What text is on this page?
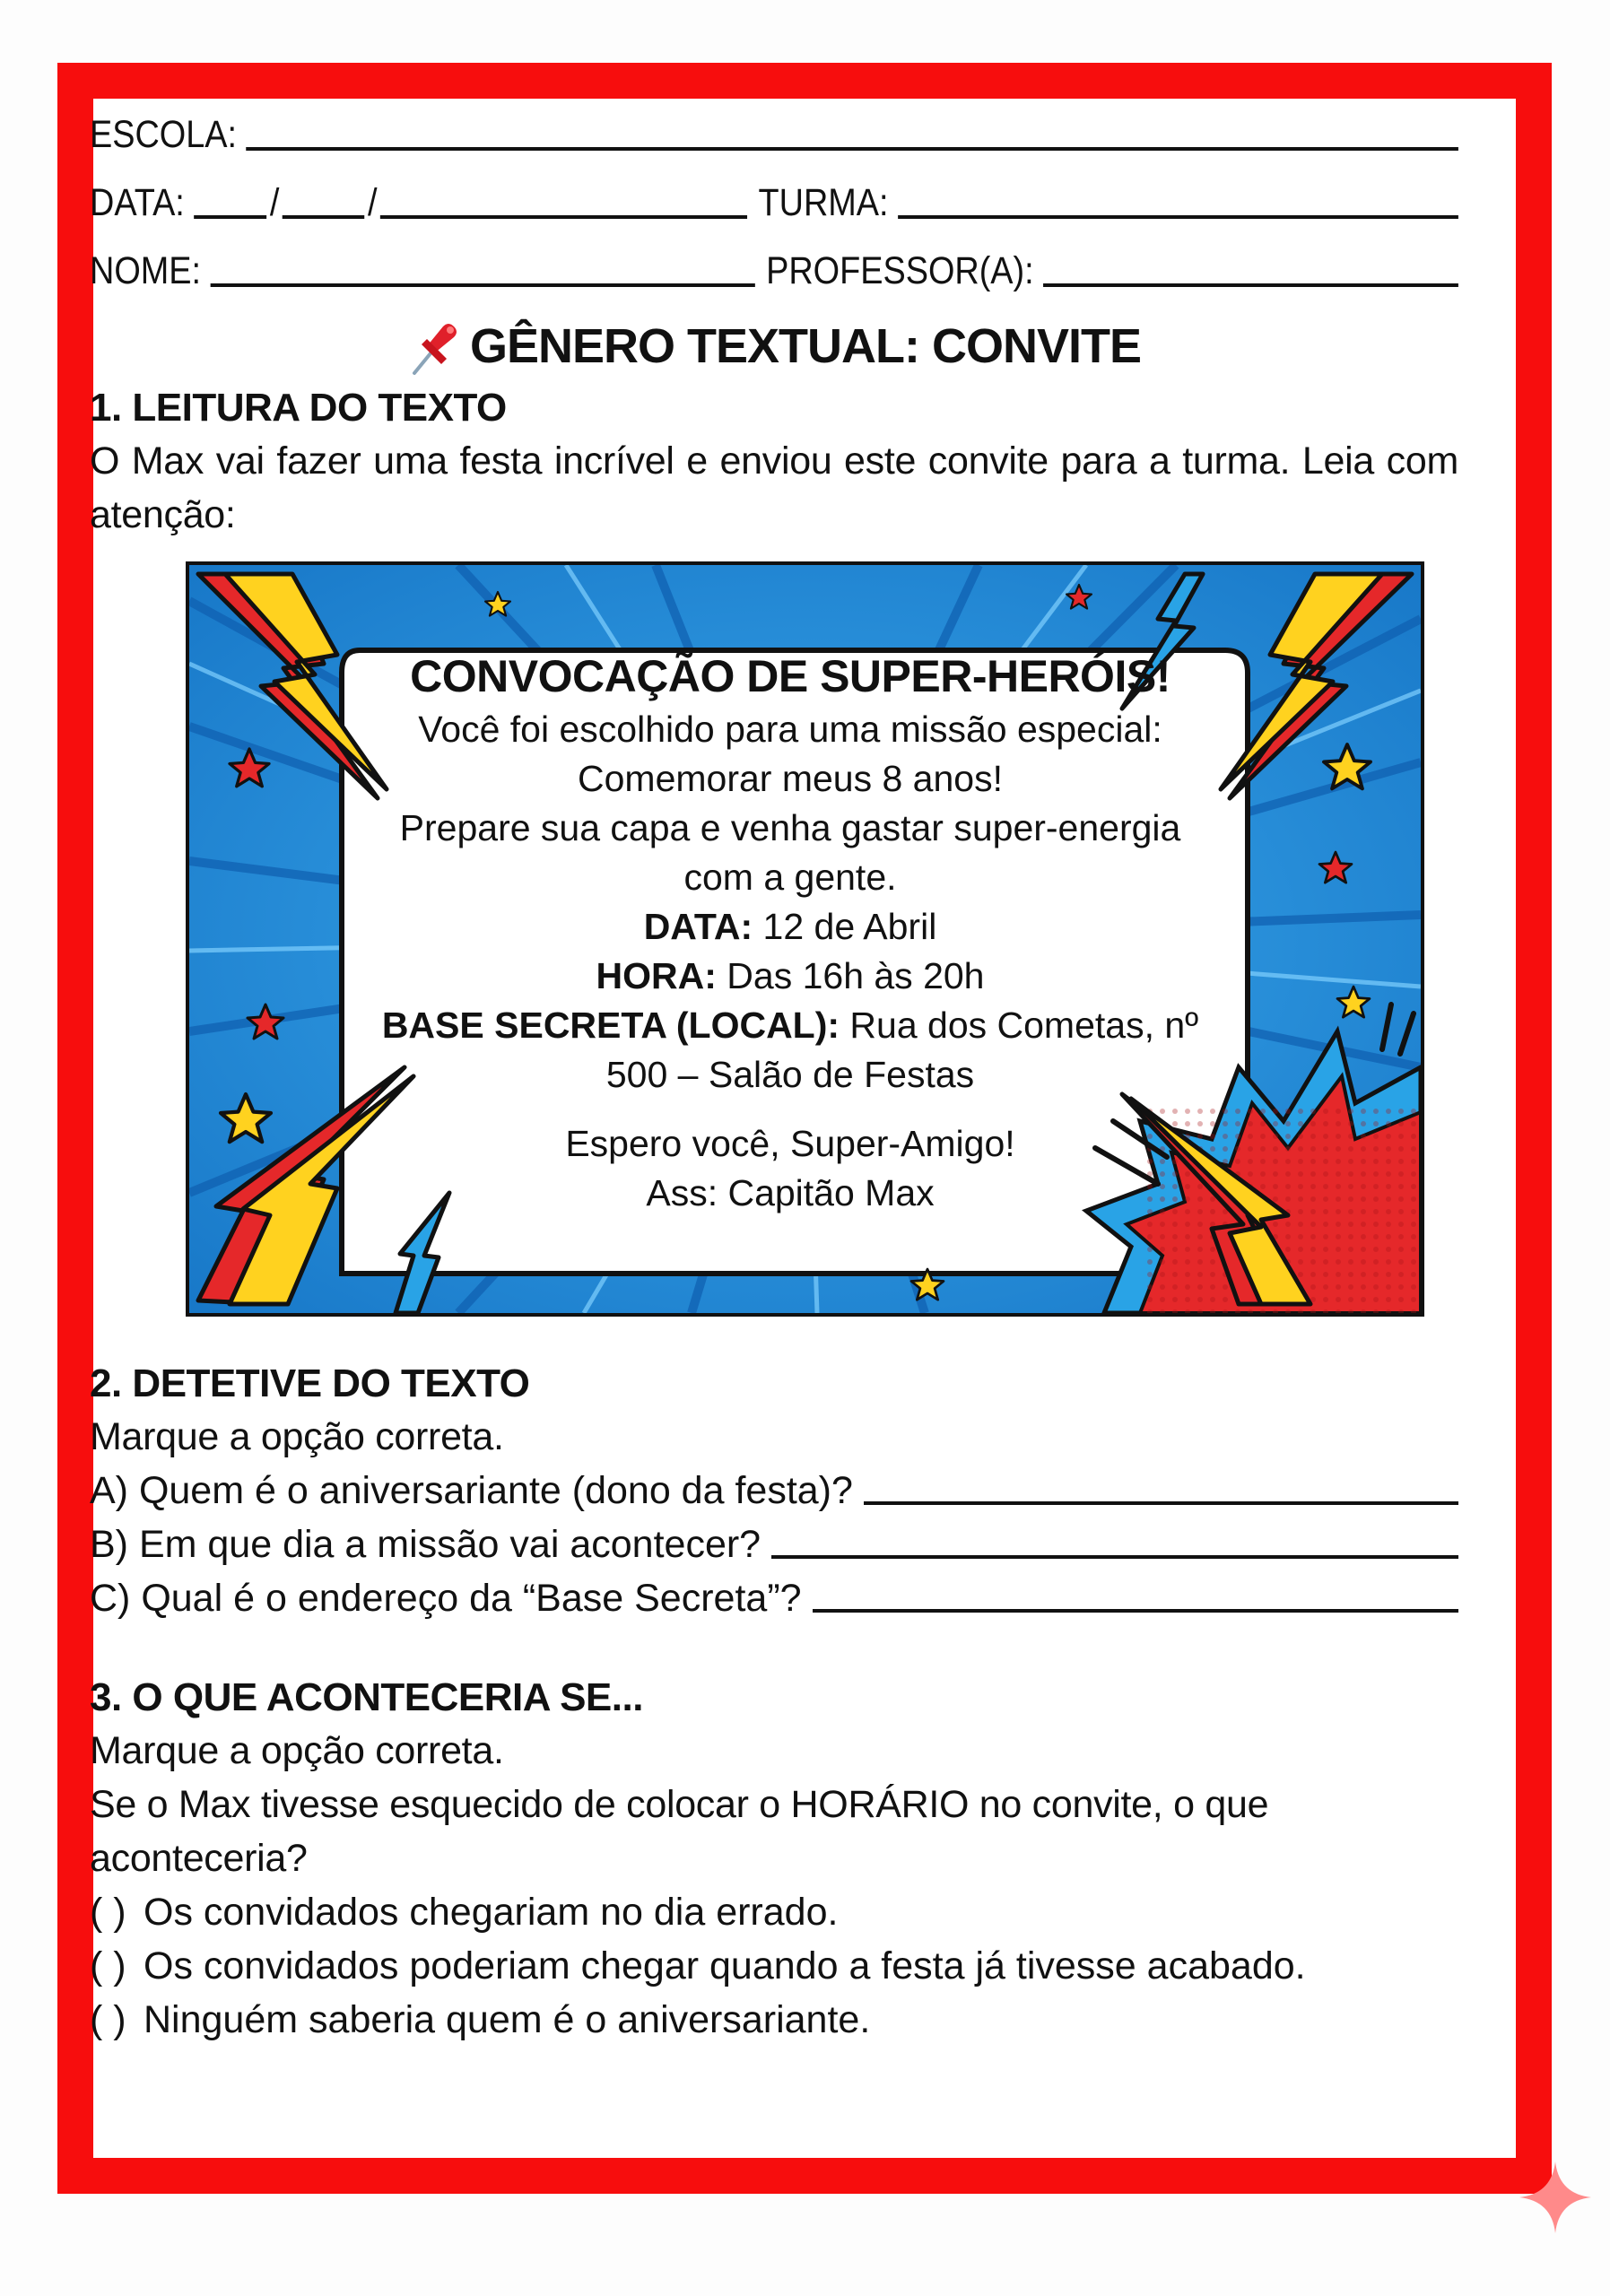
ESCOLA:
DATA: / /	TURMA:
NOME:	PROFESSOR(A):
GÊNERO TEXTUAL: CONVITE

1. LEITURA DO TEXTO

O Max vai fazer uma festa incrível e enviou este convite para a turma. Leia com atenção:

CONVOCAÇÃO DE SUPER-HERÓIS!
Você foi escolhido para uma missão especial:
Comemorar meus 8 anos!
Prepare sua capa e venha gastar super-energia
com a gente.
DATA: 12 de Abril
HORA: Das 16h às 20h
BASE SECRETA (LOCAL): Rua dos Cometas, nº
500 – Salão de Festas
Espero você, Super-Amigo!
Ass: Capitão Max

2. DETETIVE DO TEXTO

Marque a opção correta.

A) Quem é o aniversariante (dono da festa)?
B) Em que dia a missão vai acontecer?
C) Qual é o endereço da “Base Secreta”?

3. O QUE ACONTECERIA SE...

Marque a opção correta.

Se o Max tivesse esquecido de colocar o HORÁRIO no convite, o que aconteceria?

( ) Os convidados chegariam no dia errado.
( ) Os convidados poderiam chegar quando a festa já tivesse acabado.
( ) Ninguém saberia quem é o aniversariante.
